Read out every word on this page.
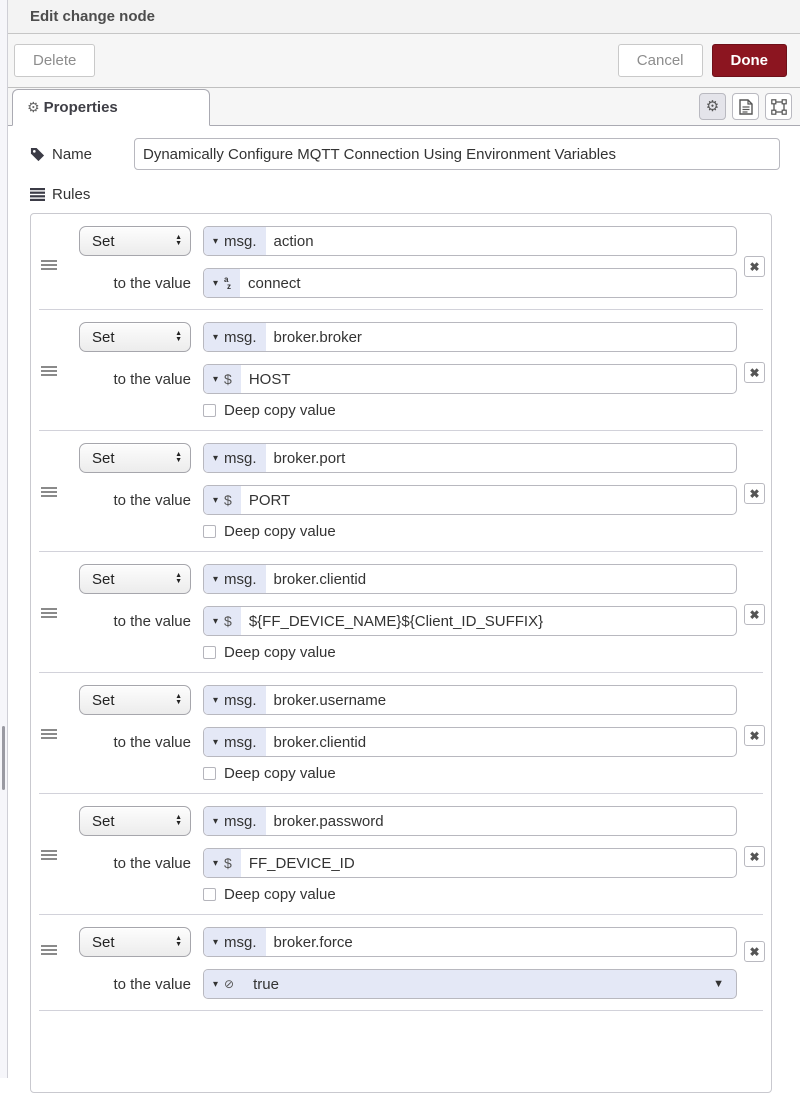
Edit change node
Delete	Cancel	Done
⚙ Properties	⚙
Name
Dynamically Configure MQTT Connection Using Environment Variables
Rules
Set	▲
▼	▾ msg.	action
to the value ▾ a
z	connect
✖
Set	▲
▼	▾ msg.	broker.broker
to the value ▾ $	HOST
Deep copy value
✖
Set	▲
▼	▾ msg.	broker.port
to the value ▾ $	PORT
Deep copy value
✖
Set	▲
▼	▾ msg.	broker.clientid
to the value ▾ $	${FF_DEVICE_NAME}${Client_ID_SUFFIX}
Deep copy value
✖
Set	▲
▼	▾ msg.	broker.username
to the value ▾ msg.	broker.clientid
Deep copy value
✖
Set	▲
▼	▾ msg.	broker.password
to the value ▾ $	FF_DEVICE_ID
Deep copy value
✖
Set	▲
▼	▾ msg.	broker.force
to the value ▾ ⊘	true	▼
✖
